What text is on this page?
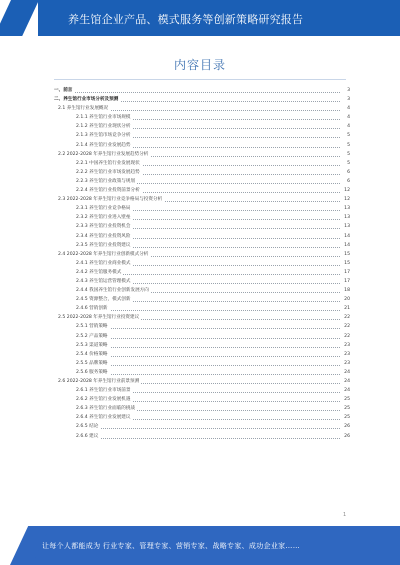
养生馆企业产品、模式服务等创新策略研究报告
内容目录
一、前言	3
二、养生馆行业市场分析及预测	3
2.1 养生馆行业发展概况	4
2.1.1 养生馆行业市场规模	4
2.1.2 养生馆行业现状分析	4
2.1.3 养生馆市场竞争分析	5
2.1.4 养生馆行业发展趋势	5
2.2 2022-2028 年养生馆行业发展趋势分析	5
2.2.1 中国养生馆行业发展现状	5
2.2.2 养生馆行业市场发展趋势	6
2.2.3 养生馆行业政策与规划	6
2.2.4 养生馆行业投资前景分析	12
2.3 2022-2028 年养生馆行业竞争格局与投资分析	12
2.3.1 养生馆行业竞争格局	13
2.3.2 养生馆行业进入壁垒	13
2.3.3 养生馆行业投资机会	13
2.3.4 养生馆行业投资风险	14
2.3.5 养生馆行业投资建议	14
2.4 2022-2028 年养生馆行业创新模式分析	15
2.4.1 养生馆行业商业模式	15
2.4.2 养生馆服务模式	17
2.4.3 养生馆运营管理模式	17
2.4.4 我国养生馆行业创新发展方向	18
2.4.5 资源整合，模式创新	20
2.4.6 营销创新	21
2.5 2022-2028 年养生馆行业投资建议	22
2.5.1 营销策略	22
2.5.2 产品策略	22
2.5.3 渠道策略	23
2.5.4 价格策略	23
2.5.5 品牌策略	23
2.5.6 服务策略	24
2.6 2022-2028 年养生馆行业前景预测	24
2.6.1 养生馆行业市场前景	24
2.6.2 养生馆行业发展机遇	25
2.6.3 养生馆行业面临的挑战	25
2.6.4 养生馆行业发展建议	25
2.6.5 结论	26
2.6.6 建议	26
1
让每个人都能成为 行业专家、管理专家、营销专家、战略专家、成功企业家……
